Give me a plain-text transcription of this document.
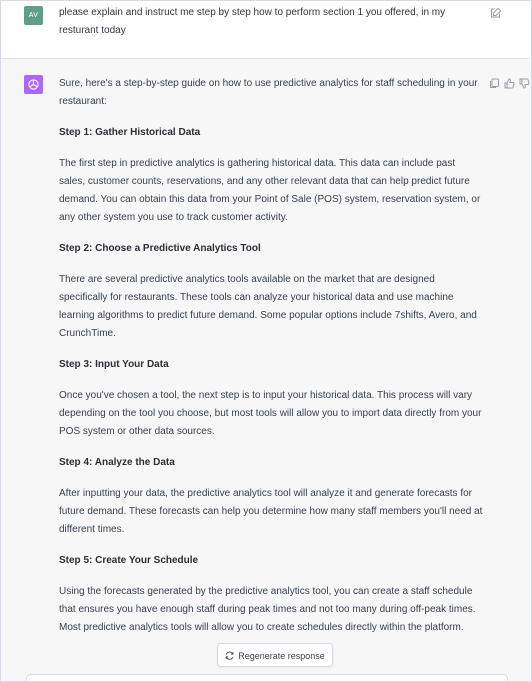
AV	please explain and instruct me step by step how to perform section 1 you offered, in my
resturant today

Sure, here's a step-by-step guide on how to use predictive analytics for staff scheduling in your restaurant:

Step 1: Gather Historical Data

The first step in predictive analytics is gathering historical data. This data can include past sales, customer counts, reservations, and any other relevant data that can help predict future demand. You can obtain this data from your Point of Sale (POS) system, reservation system, or any other system you use to track customer activity.

Step 2: Choose a Predictive Analytics Tool

There are several predictive analytics tools available on the market that are designed specifically for restaurants. These tools can analyze your historical data and use machine learning algorithms to predict future demand. Some popular options include 7shifts, Avero, and CrunchTime.

Step 3: Input Your Data

Once you've chosen a tool, the next step is to input your historical data. This process will vary depending on the tool you choose, but most tools will allow you to import data directly from your POS system or other data sources.

Step 4: Analyze the Data

After inputting your data, the predictive analytics tool will analyze it and generate forecasts for future demand. These forecasts can help you determine how many staff members you'll need at different times.

Step 5: Create Your Schedule

Using the forecasts generated by the predictive analytics tool, you can create a staff schedule that ensures you have enough staff during peak times and not too many during off-peak times. Most predictive analytics tools will allow you to create schedules directly within the platform.

Regenerate response
